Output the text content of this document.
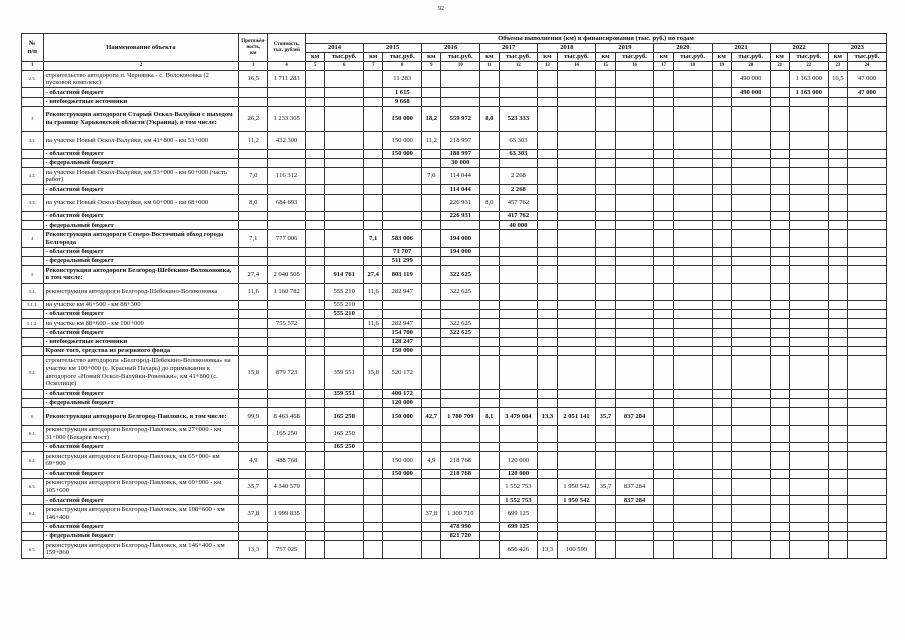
92
№
п/п	Наименование объекта	Протяжён-
ность,
км	Стоимость,
тыс. рублей	Объемы выполнения (км) и финансирования (тыс. руб.) по годам																			
				2014		2015		2016		2017		2018		2019		2020		2021		2022		2023	
				км	тыс.руб.	км	тыс.руб.	км	тыс.руб.	км	тыс.руб.	км	тыс.руб.	км	тыс.руб.	км	тыс.руб.	км	тыс.руб.	км	тыс.руб.	км	тыс.руб.
1	2	3	4	5	6	7	8	9	10	11	12	13	14	15	16	17	18	19	20	21	22	23	24
2.3.	строительство автодороги п. Чернянка - с. Волоконовка (2 пусковой комплекс)	16,5	1 711 283				11 283												490 000		1 163 000	16,5	47 000
	- областной бюджет						1 615												490 000		1 163 000		47 000
	- внебюджетные источники						9 668																
3	Реконструкция автодороги Старый Оскол-Валуйки с выходом на границе Харьковской области (Украина), в том числе:	26,2	1 233 305				150 000	18,2	559 972	8,0	523 333												
3.1.	на участке Новый Оскол-Валуйки, км 41+800 - км 53+000	11,2	432 300				150 000	11,2	218 997		63 303												
	- областной бюджет						150 000		188 997		63 303												
	- федеральный бюджет								30 000														
3.2.	на участке Новый Оскол-Валуйки, км 53+000 - км 60+000 (часть работ)	7,0	116 312					7,0	114 044		2 268												
	- областной бюджет								114 044		2 268												
3.3.	на участке Новый Оскол-Валуйки, км 60+000 - км 68+000	8,0	684 693						226 931	8,0	457 762												
	- областной бюджет								226 931		417 762												
	- федеральный бюджет										40 000												
4	Реконструкция автодороги Северо-Восточный обход города Белгорода	7,1	777 006			7,1	583 006		194 000														
	- областной бюджет						71 707		194 000														
	- федеральный бюджет						511 299																
5	Реконструкция автодороги Белгород-Шебекино-Волоконовка, в том числе:	27,4	2 040 505		914 761	27,4	803 119		322 625														
5.1.	реконструкция автодороги Белгород-Шебекино-Волоконовка	11,6	1 160 782		555 210	11,6	282 947		322 625														
5.1.1.	на участке км 46+500 - км 88+300				555 210																		
	- областной бюджет				555 210																		
5.1.2.	на участке км 88+600 - км 100+000		755 572			11,6	282 947		322 625														
	- областной бюджет						154 700		322 625														
	- внебюджетные источники						128 247																
	Кроме того, средства из резервного фонда						150 000																
5.2.	строительство автодороги «Белгород-Шебекино-Волоконовка» на участке км 100+000 (с. Красный Пахарь) до примыкания к автодороге «Новый Оскол-Валуйки-Ровеньки», км 41+800 (с. Осколище)	15,8	879 723		359 551	15,8	520 172																
	- областной бюджет				359 551		400 172																
	- федеральный бюджет						120 000																
6	Реконструкция автодороги Белгород-Павловск, в том числе:	99,9	8 463 468		165 250		150 000	42,7	1 780 709	8,1	3 479 084	13,3	2 051 141	35,7	837 284								
6.1.	реконструкция автодороги Белгород-Павловск, км 27+000 - км 31+000 (Бекарев мост)		165 250		165 250																		
	- областной бюджет				165 250																		
6.2.	реконструкция автодороги Белгород-Павловск, км 65+000- км 69+900	4,9	488 768				150 000	4,9	218 768		120 000												
	- областной бюджет						150 000		218 768		120 000												
6.3.	реконструкция автодороги Белгород-Павловск, км 69+900 - км 105+600	35,7	4 340 579								1 552 753		1 950 542	35,7	837 284								
	- областной бюджет										1 552 753		1 950 542		837 284								
6.4.	реконструкция автодороги Белгород-Павловск, км 108+600 - км 146+400	37,8	1 999 835					37,8	1 300 710		699 125												
	- областной бюджет								478 990		699 125												
	- федеральный бюджет								821 720														
6.5.	реконструкция автодороги Белгород-Павловск, км 146+400 - км 159+860	13,3	757 025								656 426	13,3	100 599										
